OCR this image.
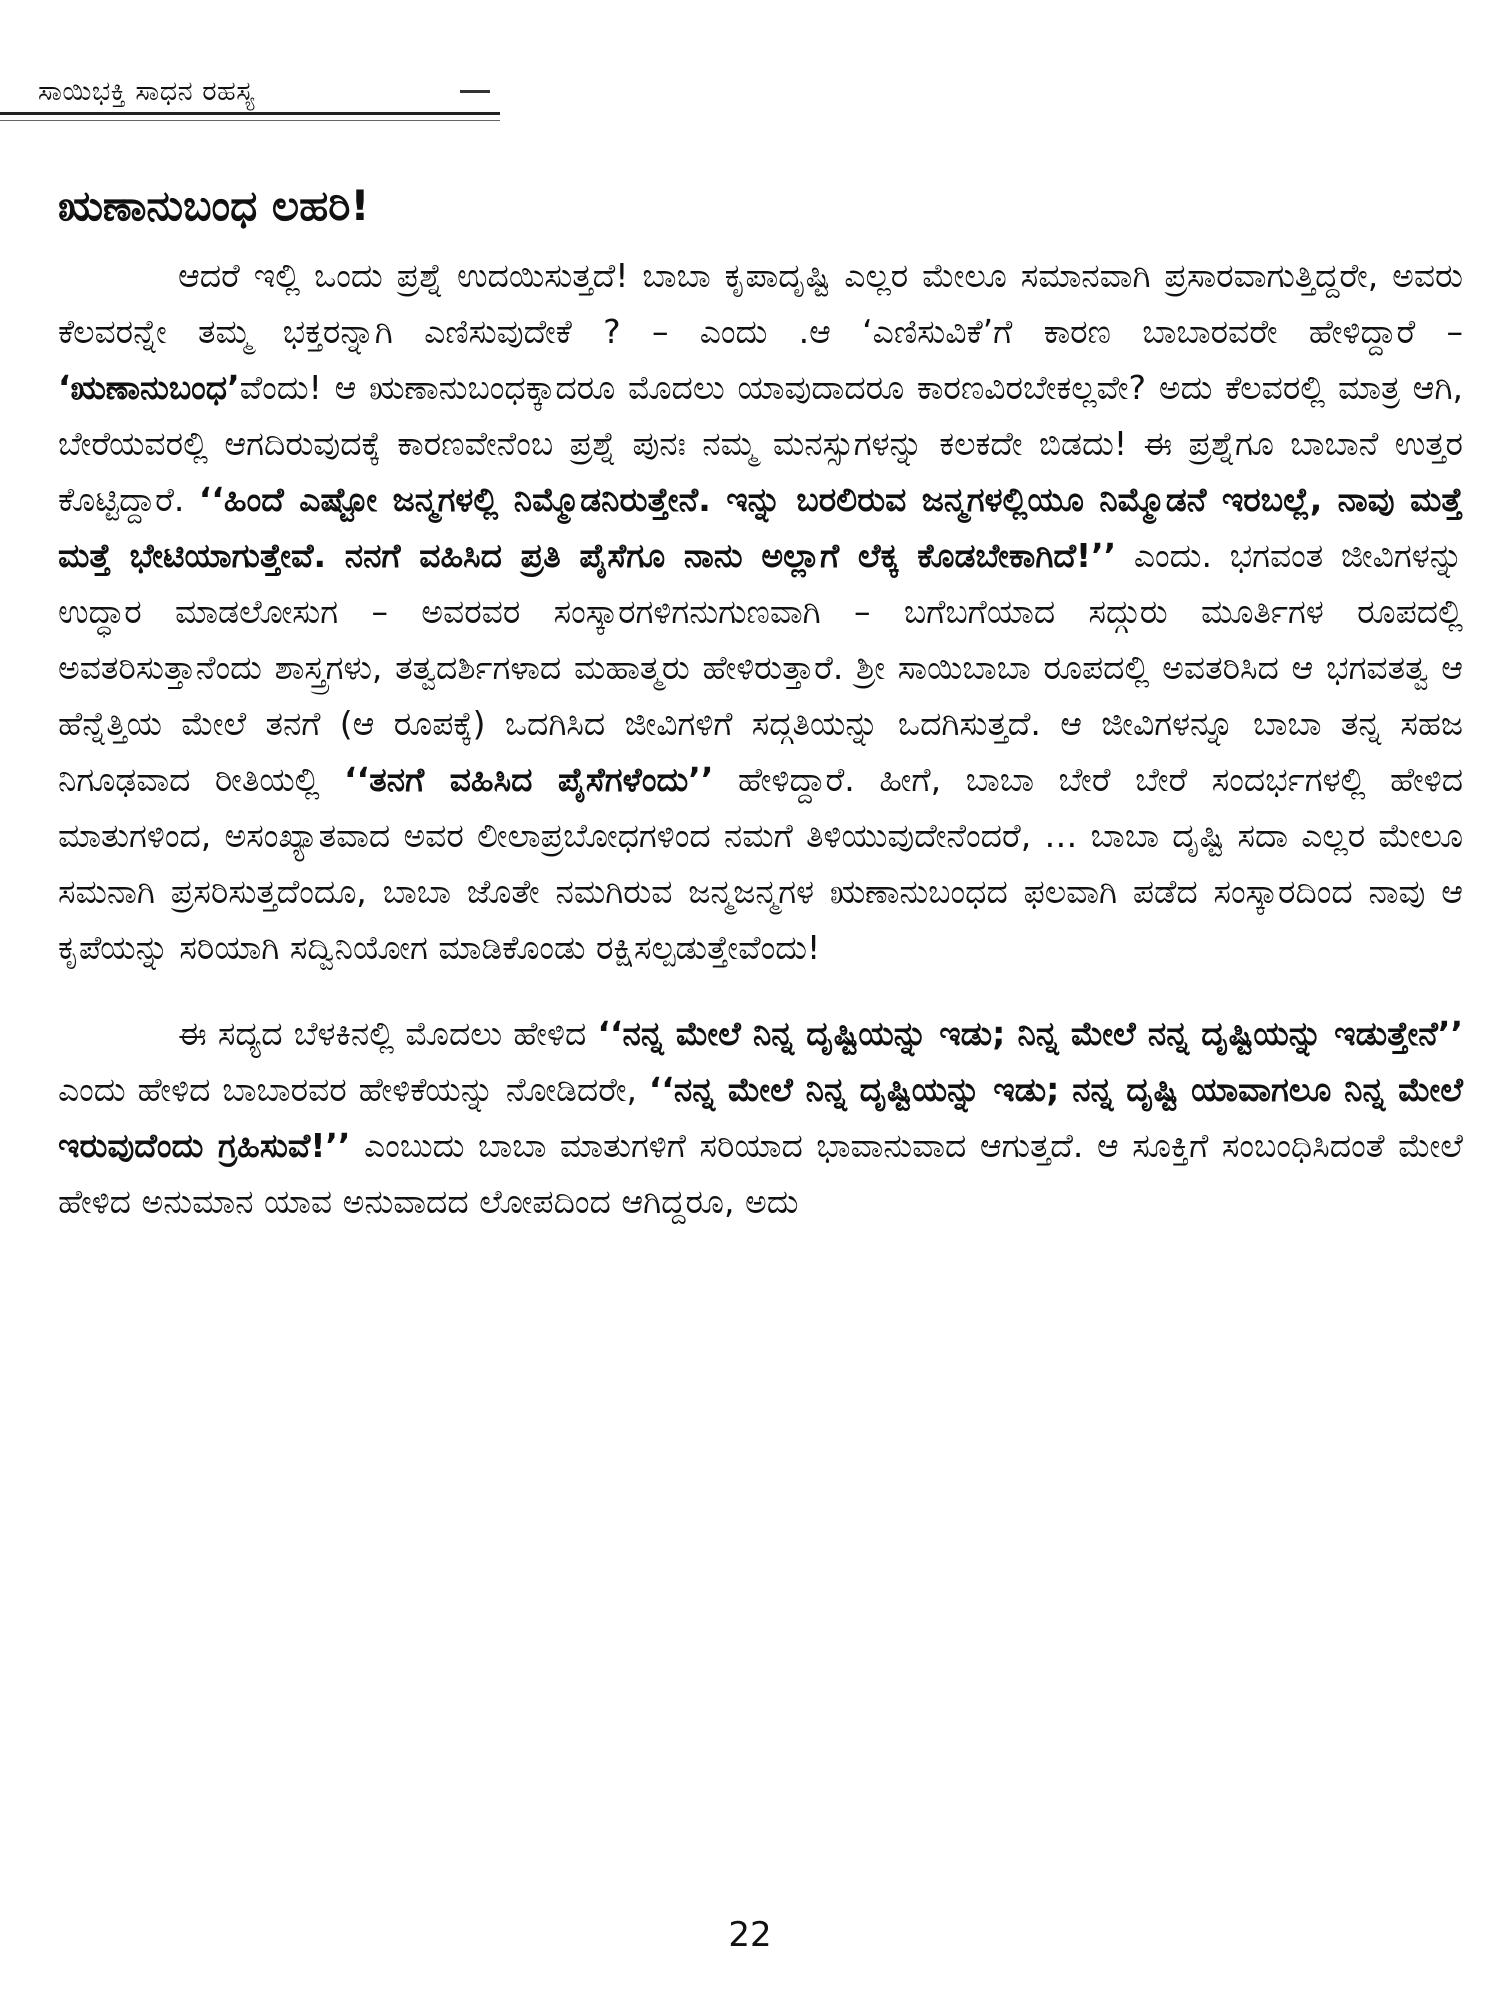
ಸಾಯಿಭಕ್ತಿ ಸಾಧನ ರಹಸ್ಯ
ಋಣಾನುಬಂಧ ಲಹರಿ!

ಆದರೆ ಇಲ್ಲಿ ಒಂದು ಪ್ರಶ್ನೆ ಉದಯಿಸುತ್ತದೆ! ಬಾಬಾ ಕೃಪಾದೃಷ್ಟಿ ಎಲ್ಲರ ಮೇಲೂ ಸಮಾನವಾಗಿ ಪ್ರಸಾರವಾಗುತ್ತಿದ್ದರೇ, ಅವರು ಕೆಲವರನ್ನೇ ತಮ್ಮ ಭಕ್ತರನ್ನಾಗಿ ಎಣಿಸುವುದೇಕೆ ? – ಎಂದು .ಆ ‘ಎಣಿಸುವಿಕೆ’ಗೆ ಕಾರಣ ಬಾಬಾರವರೇ ಹೇಳಿದ್ದಾರೆ – ‘ಋಣಾನುಬಂಧ’ವೆಂದು! ಆ ಋಣಾನುಬಂಧಕ್ಕಾದರೂ ಮೊದಲು ಯಾವುದಾದರೂ ಕಾರಣವಿರಬೇಕಲ್ಲವೇ? ಅದು ಕೆಲವರಲ್ಲಿ ಮಾತ್ರ ಆಗಿ, ಬೇರೆಯವರಲ್ಲಿ ಆಗದಿರುವುದಕ್ಕೆ ಕಾರಣವೇನೆಂಬ ಪ್ರಶ್ನೆ ಪುನಃ ನಮ್ಮ ಮನಸ್ಸುಗಳನ್ನು ಕಲಕದೇ ಬಿಡದು! ಈ ಪ್ರಶ್ನೆಗೂ ಬಾಬಾನೆ ಉತ್ತರ ಕೊಟ್ಟಿದ್ದಾರೆ. ‘‘ಹಿಂದೆ ಎಷ್ಟೋ ಜನ್ಮಗಳಲ್ಲಿ ನಿಮ್ಮೊಡನಿರುತ್ತೇನೆ. ಇನ್ನು ಬರಲಿರುವ ಜನ್ಮಗಳಲ್ಲಿಯೂ ನಿಮ್ಮೊಡನೆ ಇರಬಲ್ಲೆ, ನಾವು ಮತ್ತೆ ಮತ್ತೆ ಭೇಟಿಯಾಗುತ್ತೇವೆ. ನನಗೆ ವಹಿಸಿದ ಪ್ರತಿ ಪೈಸೆಗೂ ನಾನು ಅಲ್ಲಾಗೆ ಲೆಕ್ಕ ಕೊಡಬೇಕಾಗಿದೆ!’’ ಎಂದು. ಭಗವಂತ ಜೀವಿಗಳನ್ನು ಉದ್ಧಾರ ಮಾಡಲೋಸುಗ – ಅವರವರ ಸಂಸ್ಕಾರಗಳಿಗನುಗುಣವಾಗಿ – ಬಗೆಬಗೆಯಾದ ಸದ್ಗುರು ಮೂರ್ತಿಗಳ ರೂಪದಲ್ಲಿ ಅವತರಿಸುತ್ತಾನೆಂದು ಶಾಸ್ತ್ರಗಳು, ತತ್ವದರ್ಶಿಗಳಾದ ಮಹಾತ್ಮರು ಹೇಳಿರುತ್ತಾರೆ. ಶ್ರೀ ಸಾಯಿಬಾಬಾ ರೂಪದಲ್ಲಿ ಅವತರಿಸಿದ ಆ ಭಗವತತ್ವ ಆ ಹೆನ್ನೆತ್ತಿಯ ಮೇಲೆ ತನಗೆ (ಆ ರೂಪಕ್ಕೆ) ಒದಗಿಸಿದ ಜೀವಿಗಳಿಗೆ ಸದ್ಗತಿಯನ್ನು ಒದಗಿಸುತ್ತದೆ. ಆ ಜೀವಿಗಳನ್ನೂ ಬಾಬಾ ತನ್ನ ಸಹಜ ನಿಗೂಢವಾದ ರೀತಿಯಲ್ಲಿ ‘‘ತನಗೆ ವಹಿಸಿದ ಪೈಸೆಗಳೆಂದು’’ ಹೇಳಿದ್ದಾರೆ. ಹೀಗೆ, ಬಾಬಾ ಬೇರೆ ಬೇರೆ ಸಂದರ್ಭಗಳಲ್ಲಿ ಹೇಳಿದ ಮಾತುಗಳಿಂದ, ಅಸಂಖ್ಯಾತವಾದ ಅವರ ಲೀಲಾಪ್ರಬೋಧಗಳಿಂದ ನಮಗೆ ತಿಳಿಯುವುದೇನೆಂದರೆ, … ಬಾಬಾ ದೃಷ್ಟಿ ಸದಾ ಎಲ್ಲರ ಮೇಲೂ ಸಮನಾಗಿ ಪ್ರಸರಿಸುತ್ತದೆಂದೂ, ಬಾಬಾ ಜೊತೇ ನಮಗಿರುವ ಜನ್ಮಜನ್ಮಗಳ ಋಣಾನುಬಂಧದ ಫಲವಾಗಿ ಪಡೆದ ಸಂಸ್ಕಾರದಿಂದ ನಾವು ಆ ಕೃಪೆಯನ್ನು ಸರಿಯಾಗಿ ಸದ್ವಿನಿಯೋಗ ಮಾಡಿಕೊಂಡು ರಕ್ಷಿಸಲ್ಪಡುತ್ತೇವೆಂದು!

ಈ ಸದ್ಯದ ಬೆಳಕಿನಲ್ಲಿ ಮೊದಲು ಹೇಳಿದ ‘‘ನನ್ನ ಮೇಲೆ ನಿನ್ನ ದೃಷ್ಟಿಯನ್ನು ಇಡು; ನಿನ್ನ ಮೇಲೆ ನನ್ನ ದೃಷ್ಟಿಯನ್ನು ಇಡುತ್ತೇನೆ’’ ಎಂದು ಹೇಳಿದ ಬಾಬಾರವರ ಹೇಳಿಕೆಯನ್ನು ನೋಡಿದರೇ, ‘‘ನನ್ನ ಮೇಲೆ ನಿನ್ನ ದೃಷ್ಟಿಯನ್ನು ಇಡು; ನನ್ನ ದೃಷ್ಟಿ ಯಾವಾಗಲೂ ನಿನ್ನ ಮೇಲೆ ಇರುವುದೆಂದು ಗ್ರಹಿಸುವೆ!’’ ಎಂಬುದು ಬಾಬಾ ಮಾತುಗಳಿಗೆ ಸರಿಯಾದ ಭಾವಾನುವಾದ ಆಗುತ್ತದೆ. ಆ ಸೂಕ್ತಿಗೆ ಸಂಬಂಧಿಸಿದಂತೆ ಮೇಲೆ ಹೇಳಿದ ಅನುಮಾನ ಯಾವ ಅನುವಾದದ ಲೋಪದಿಂದ ಆಗಿದ್ದರೂ, ಅದು

22
